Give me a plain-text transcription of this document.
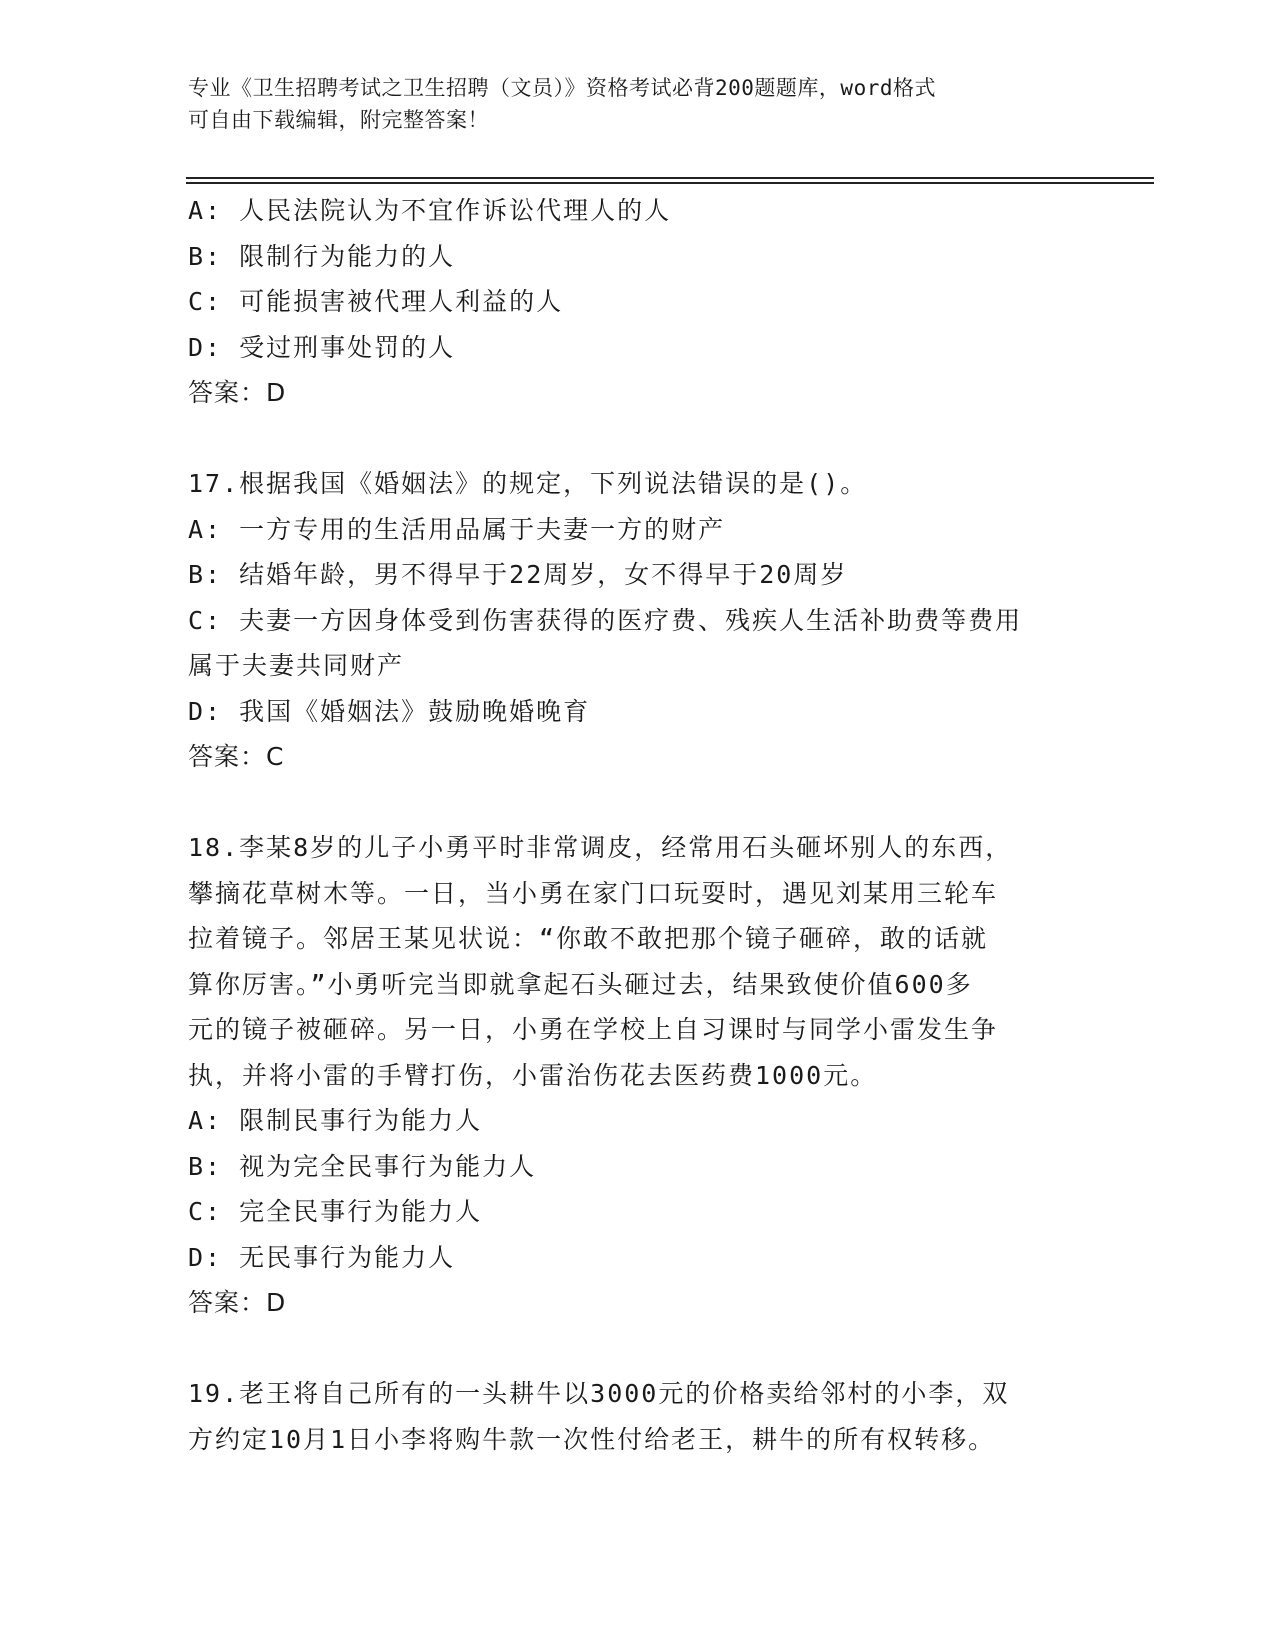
专业《卫生招聘考试之卫生招聘（文员）》资格考试必背200题题库，word格式
可自由下载编辑，附完整答案！
A: 人民法院认为不宜作诉讼代理人的人
B: 限制行为能力的人
C: 可能损害被代理人利益的人
D: 受过刑事处罚的人
答案：D
17.根据我国《婚姻法》的规定，下列说法错误的是()。
A: 一方专用的生活用品属于夫妻一方的财产
B: 结婚年龄，男不得早于22周岁，女不得早于20周岁
C: 夫妻一方因身体受到伤害获得的医疗费、残疾人生活补助费等费用
属于夫妻共同财产
D: 我国《婚姻法》鼓励晚婚晚育
答案：C
18.李某8岁的儿子小勇平时非常调皮，经常用石头砸坏别人的东西，
攀摘花草树木等。一日，当小勇在家门口玩耍时，遇见刘某用三轮车
拉着镜子。邻居王某见状说：“你敢不敢把那个镜子砸碎，敢的话就
算你厉害。”小勇听完当即就拿起石头砸过去，结果致使价值600多
元的镜子被砸碎。另一日，小勇在学校上自习课时与同学小雷发生争
执，并将小雷的手臂打伤，小雷治伤花去医药费1000元。
A: 限制民事行为能力人
B: 视为完全民事行为能力人
C: 完全民事行为能力人
D: 无民事行为能力人
答案：D
19.老王将自己所有的一头耕牛以3000元的价格卖给邻村的小李，双
方约定10月1日小李将购牛款一次性付给老王，耕牛的所有权转移。
